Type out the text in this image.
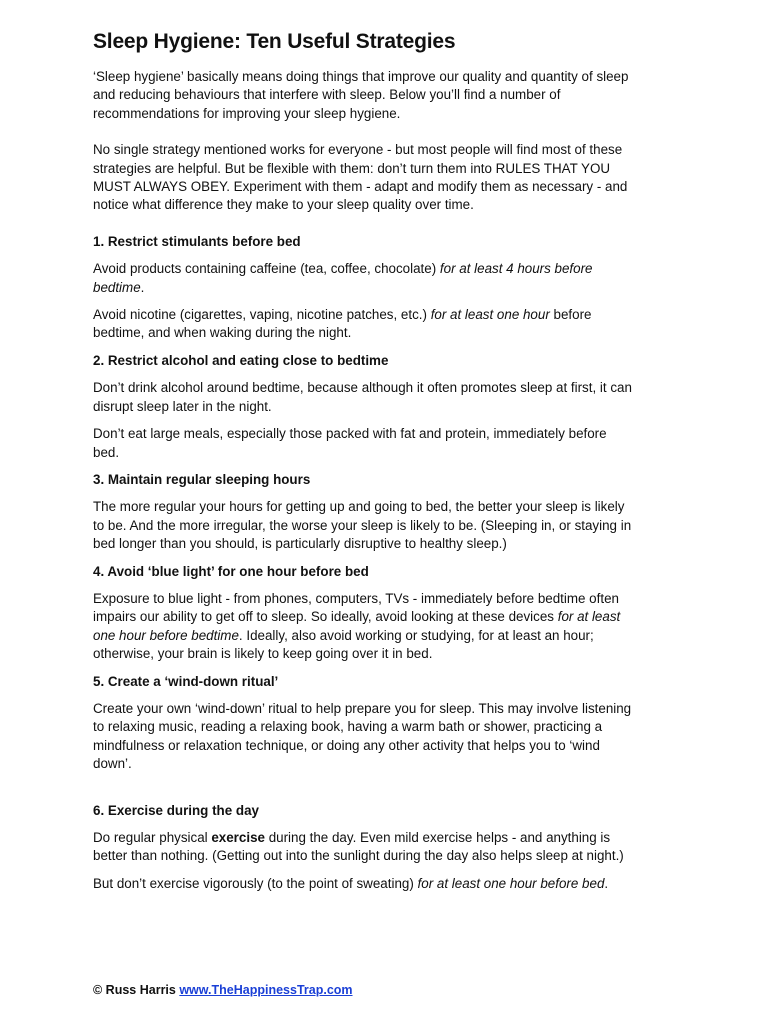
Sleep Hygiene: Ten Useful Strategies

‘Sleep hygiene’ basically means doing things that improve our quality and quantity of sleep and reducing behaviours that interfere with sleep. Below you’ll find a number of recommendations for improving your sleep hygiene.

No single strategy mentioned works for everyone - but most people will find most of these strategies are helpful. But be flexible with them: don’t turn them into RULES THAT YOU MUST ALWAYS OBEY. Experiment with them - adapt and modify them as necessary - and notice what difference they make to your sleep quality over time.

1. Restrict stimulants before bed

Avoid products containing caffeine (tea, coffee, chocolate) for at least 4 hours before bedtime.

Avoid nicotine (cigarettes, vaping, nicotine patches, etc.) for at least one hour before bedtime, and when waking during the night.

2. Restrict alcohol and eating close to bedtime

Don’t drink alcohol around bedtime, because although it often promotes sleep at first, it can disrupt sleep later in the night.

Don’t eat large meals, especially those packed with fat and protein, immediately before bed.

3. Maintain regular sleeping hours

The more regular your hours for getting up and going to bed, the better your sleep is likely to be. And the more irregular, the worse your sleep is likely to be. (Sleeping in, or staying in bed longer than you should, is particularly disruptive to healthy sleep.)

4. Avoid ‘blue light’ for one hour before bed

Exposure to blue light - from phones, computers, TVs - immediately before bedtime often impairs our ability to get off to sleep. So ideally, avoid looking at these devices for at least one hour before bedtime. Ideally, also avoid working or studying, for at least an hour; otherwise, your brain is likely to keep going over it in bed.

5. Create a ‘wind-down ritual’

Create your own ‘wind-down’ ritual to help prepare you for sleep. This may involve listening to relaxing music, reading a relaxing book, having a warm bath or shower, practicing a mindfulness or relaxation technique, or doing any other activity that helps you to ‘wind down’.

6. Exercise during the day

Do regular physical exercise during the day. Even mild exercise helps - and anything is better than nothing. (Getting out into the sunlight during the day also helps sleep at night.)

But don’t exercise vigorously (to the point of sweating) for at least one hour before bed.

© Russ Harris www.TheHappinessTrap.com
